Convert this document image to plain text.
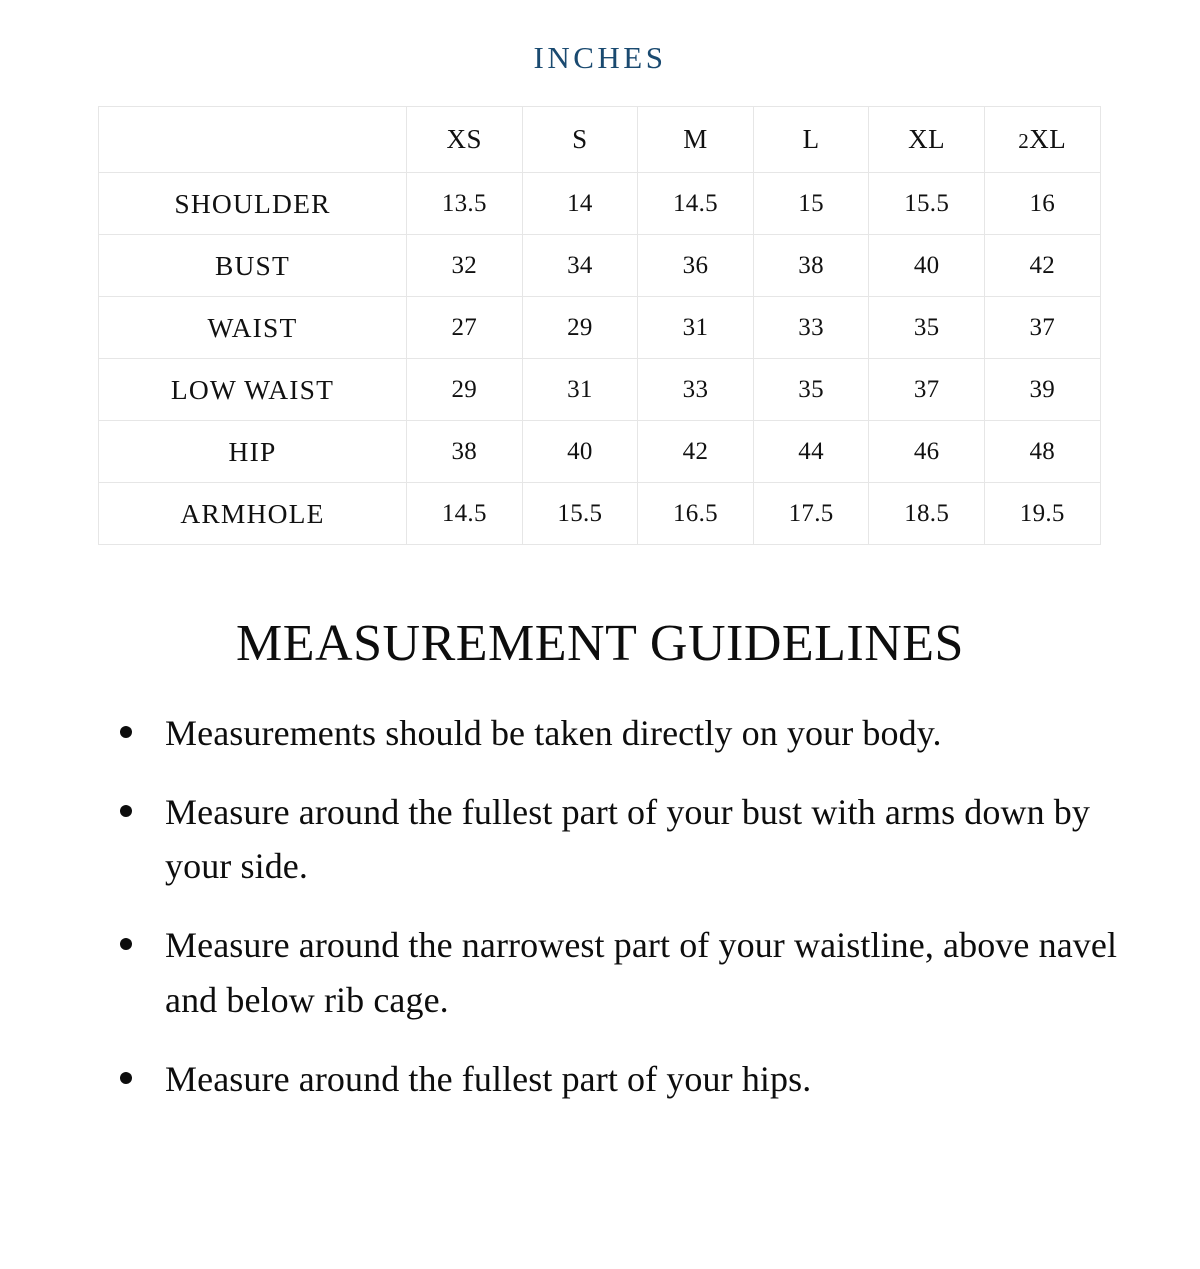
INCHES
	XS	S	M	L	XL	2XL
SHOULDER	13.5	14	14.5	15	15.5	16
BUST	32	34	36	38	40	42
WAIST	27	29	31	33	35	37
LOW WAIST	29	31	33	35	37	39
HIP	38	40	42	44	46	48
ARMHOLE	14.5	15.5	16.5	17.5	18.5	19.5
MEASUREMENT GUIDELINES
Measurements should be taken directly on your body.
Measure around the fullest part of your bust with arms down by your side.
Measure around the narrowest part of your waistline, above navel and below rib cage.
Measure around the fullest part of your hips.
